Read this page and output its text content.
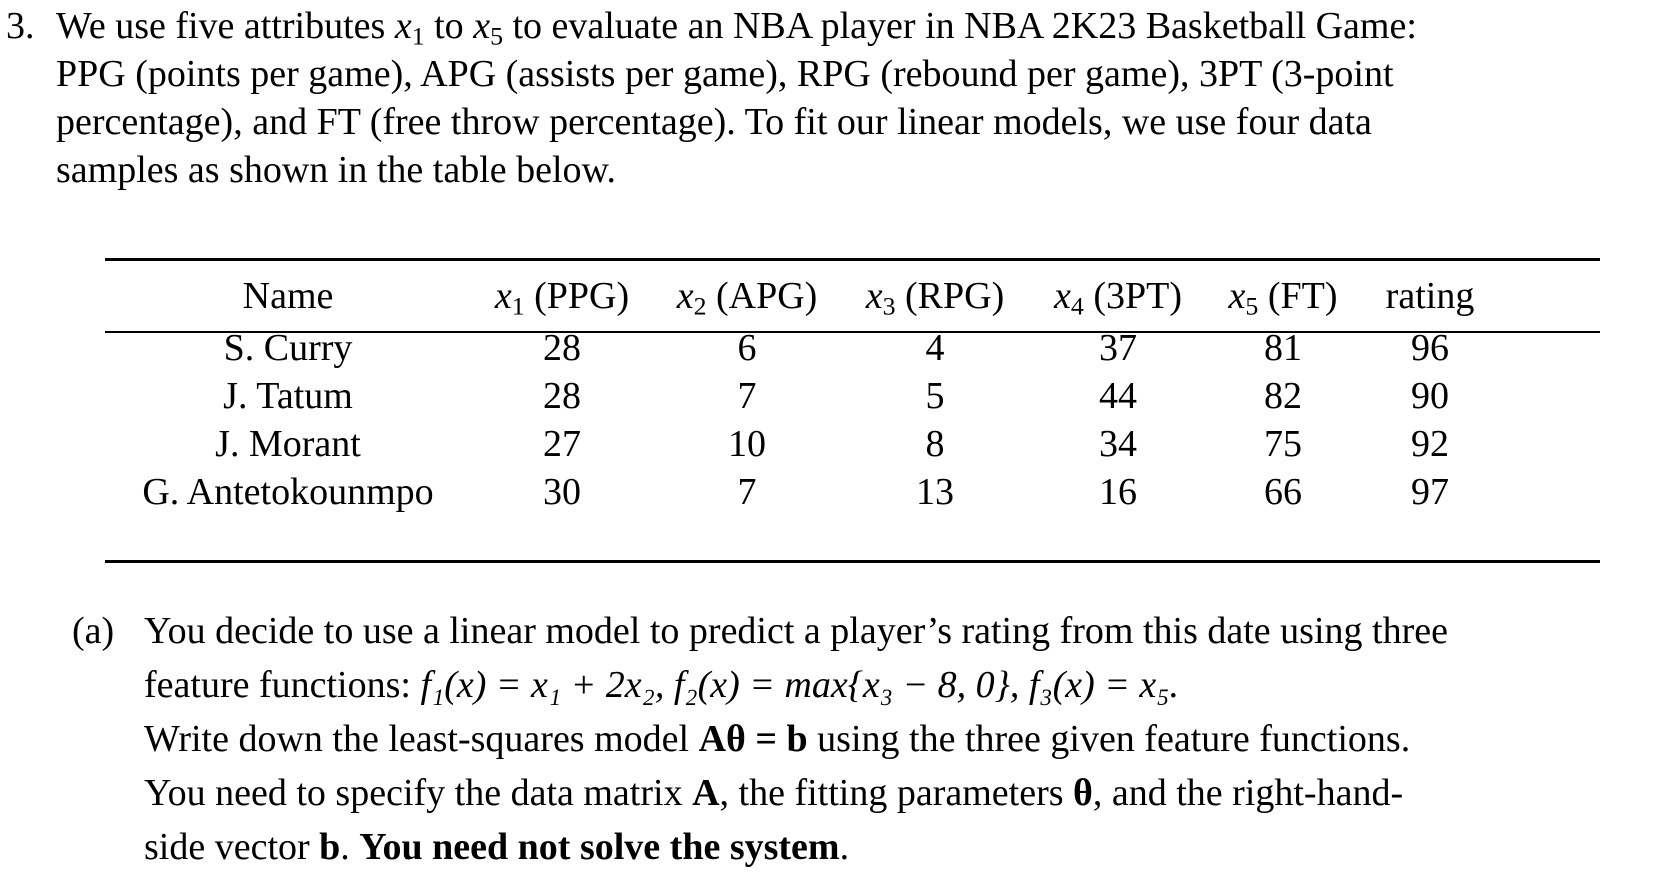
3. We use five attributes $x_1$ to $x_5$ to evaluate an NBA player in NBA 2K23 Basketball Game:
PPG (points per game), APG (assists per game), RPG (rebound per game), 3PT (3-point
percentage), and FT (free throw percentage). To fit our linear models, we use four data
samples as shown in the table below.
Name	$x_1$ (PPG) $x_2$ (APG) $x_3$ (RPG) $x_4$ (3PT) $x_5$ (FT) rating
S. Curry	28	6	4	37	81	96
J. Tatum	28	7	5	44	82	90
J. Morant	27	10	8	34	75	92
G. Antetokounmpo	30	7	13	16	66	97
(a) You decide to use a linear model to predict a player’s rating from this date using three
feature functions: f₁(x) = x₁ + 2x₂, f₂(x) = max{x₃ − 8, 0}, f₃(x) = x₅.
Write down the least-squares model Aθ = b using the three given feature functions.
You need to specify the data matrix A, the fitting parameters θ, and the right-hand-
side vector b. You need not solve the system.
